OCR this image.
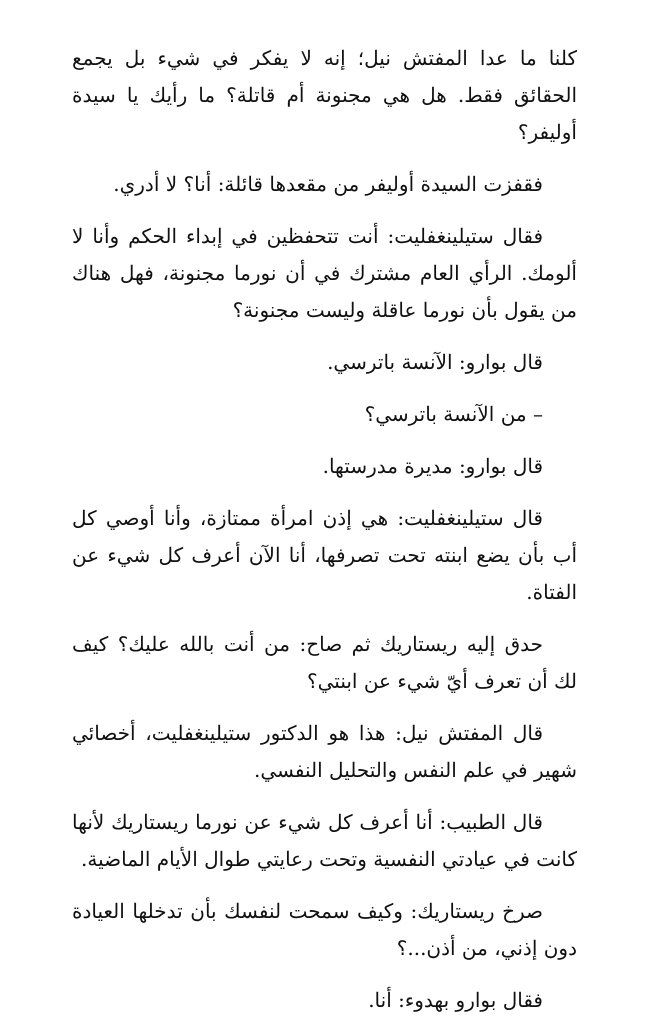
كلنا ما عدا المفتش نيل؛ إنه لا يفكر في شيء بل يجمع الحقائق فقط. هل هي مجنونة أم قاتلة؟ ما رأيك يا سيدة أوليفر؟

فقفزت السيدة أوليفر من مقعدها قائلة: أنا؟ لا أدري.

فقال ستيلينغفليت: أنت تتحفظين في إبداء الحكم وأنا لا ألومك. الرأي العام مشترك في أن نورما مجنونة، فهل هناك من يقول بأن نورما عاقلة وليست مجنونة؟

قال بوارو: الآنسة باترسي.

– من الآنسة باترسي؟

قال بوارو: مديرة مدرستها.

قال ستيلينغفليت: هي إذن امرأة ممتازة، وأنا أوصي كل أب بأن يضع ابنته تحت تصرفها، أنا الآن أعرف كل شيء عن الفتاة.

حدق إليه ريستاريك ثم صاح: من أنت بالله عليك؟ كيف لك أن تعرف أيّ شيء عن ابنتي؟

قال المفتش نيل: هذا هو الدكتور ستيلينغفليت، أخصائي شهير في علم النفس والتحليل النفسي.

قال الطبيب: أنا أعرف كل شيء عن نورما ريستاريك لأنها كانت في عيادتي النفسية وتحت رعايتي طوال الأيام الماضية.

صرخ ريستاريك: وكيف سمحت لنفسك بأن تدخلها العيادة دون إذني، من أذن...؟

فقال بوارو بهدوء: أنا.
